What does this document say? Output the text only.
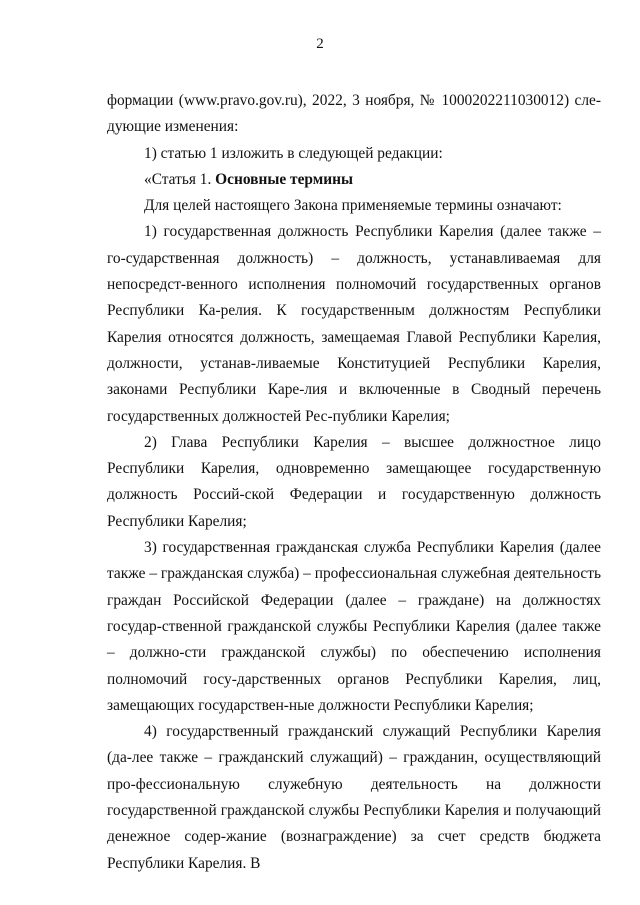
2

формации (www.pravo.gov.ru), 2022, 3 ноября, № 1000202211030012) сле-дующие изменения:

1) статью 1 изложить в следующей редакции:

«Статья 1. Основные термины

Для целей настоящего Закона применяемые термины означают:

1) государственная должность Республики Карелия (далее также – го-сударственная должность) – должность, устанавливаемая для непосредст-венного исполнения полномочий государственных органов Республики Ка-релия. К государственным должностям Республики Карелия относятся должность, замещаемая Главой Республики Карелия, должности, устанав-ливаемые Конституцией Республики Карелия, законами Республики Каре-лия и включенные в Сводный перечень государственных должностей Рес-публики Карелия;

2) Глава Республики Карелия – высшее должностное лицо Республики Карелия, одновременно замещающее государственную должность Россий-ской Федерации и государственную должность Республики Карелия;

3) государственная гражданская служба Республики Карелия (далее также – гражданская служба) – профессиональная служебная деятельность граждан Российской Федерации (далее – граждане) на должностях государ-ственной гражданской службы Республики Карелия (далее также – должно-сти гражданской службы) по обеспечению исполнения полномочий госу-дарственных органов Республики Карелия, лиц, замещающих государствен-ные должности Республики Карелия;

4) государственный гражданский служащий Республики Карелия (да-лее также – гражданский служащий) – гражданин, осуществляющий про-фессиональную служебную деятельность на должности государственной гражданской службы Республики Карелия и получающий денежное содер-жание (вознаграждение) за счет средств бюджета Республики Карелия. В
